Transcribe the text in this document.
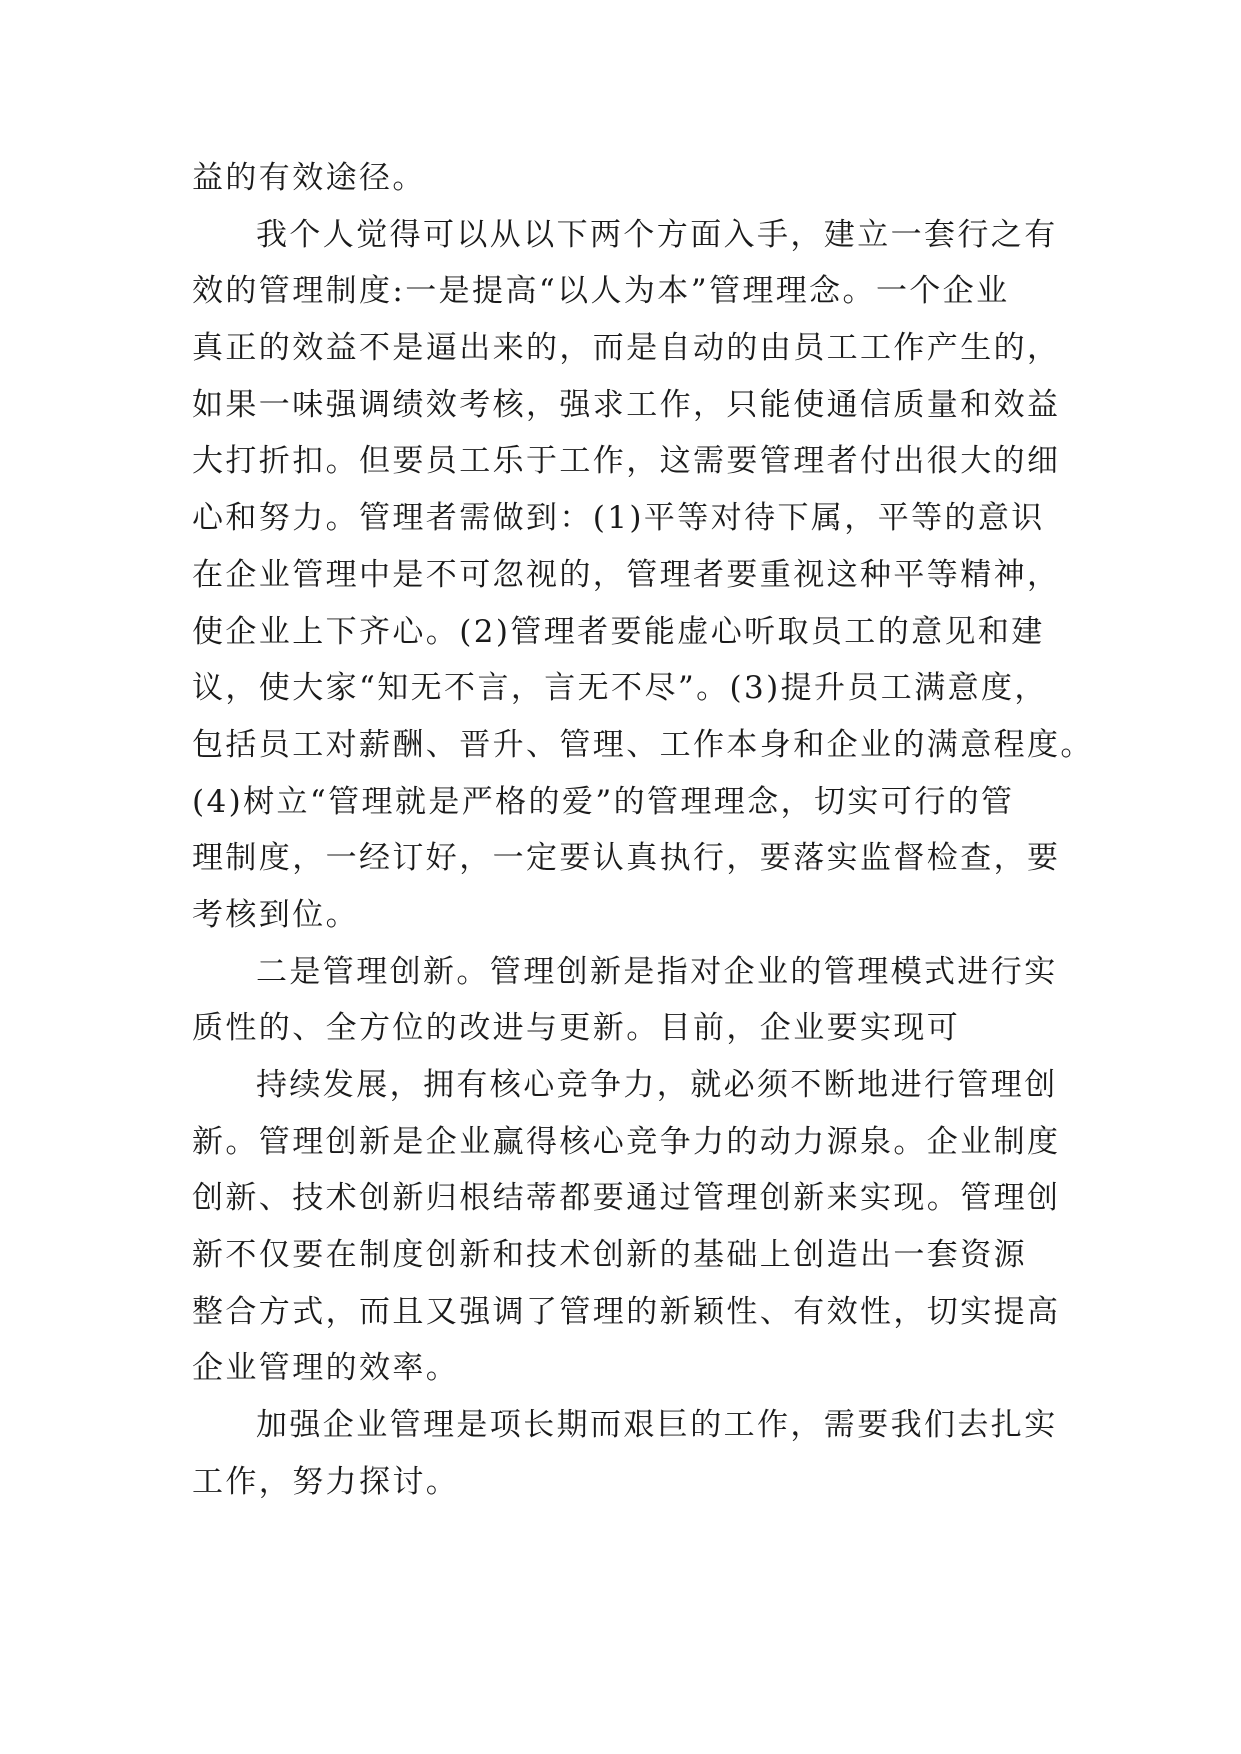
益的有效途径。
我个人觉得可以从以下两个方面入手，建立一套行之有
效的管理制度:一是提高“以人为本”管理理念。一个企业
真正的效益不是逼出来的，而是自动的由员工工作产生的，
如果一味强调绩效考核，强求工作，只能使通信质量和效益
大打折扣。但要员工乐于工作，这需要管理者付出很大的细
心和努力。管理者需做到：(1)平等对待下属，平等的意识
在企业管理中是不可忽视的，管理者要重视这种平等精神，
使企业上下齐心。(2)管理者要能虚心听取员工的意见和建
议，使大家“知无不言，言无不尽”。(3)提升员工满意度，
包括员工对薪酬、晋升、管理、工作本身和企业的满意程度。
(4)树立“管理就是严格的爱”的管理理念，切实可行的管
理制度，一经订好，一定要认真执行，要落实监督检查，要
考核到位。
二是管理创新。管理创新是指对企业的管理模式进行实
质性的、全方位的改进与更新。目前，企业要实现可
持续发展，拥有核心竞争力，就必须不断地进行管理创
新。管理创新是企业赢得核心竞争力的动力源泉。企业制度
创新、技术创新归根结蒂都要通过管理创新来实现。管理创
新不仅要在制度创新和技术创新的基础上创造出一套资源
整合方式，而且又强调了管理的新颖性、有效性，切实提高
企业管理的效率。
加强企业管理是项长期而艰巨的工作，需要我们去扎实
工作，努力探讨。
